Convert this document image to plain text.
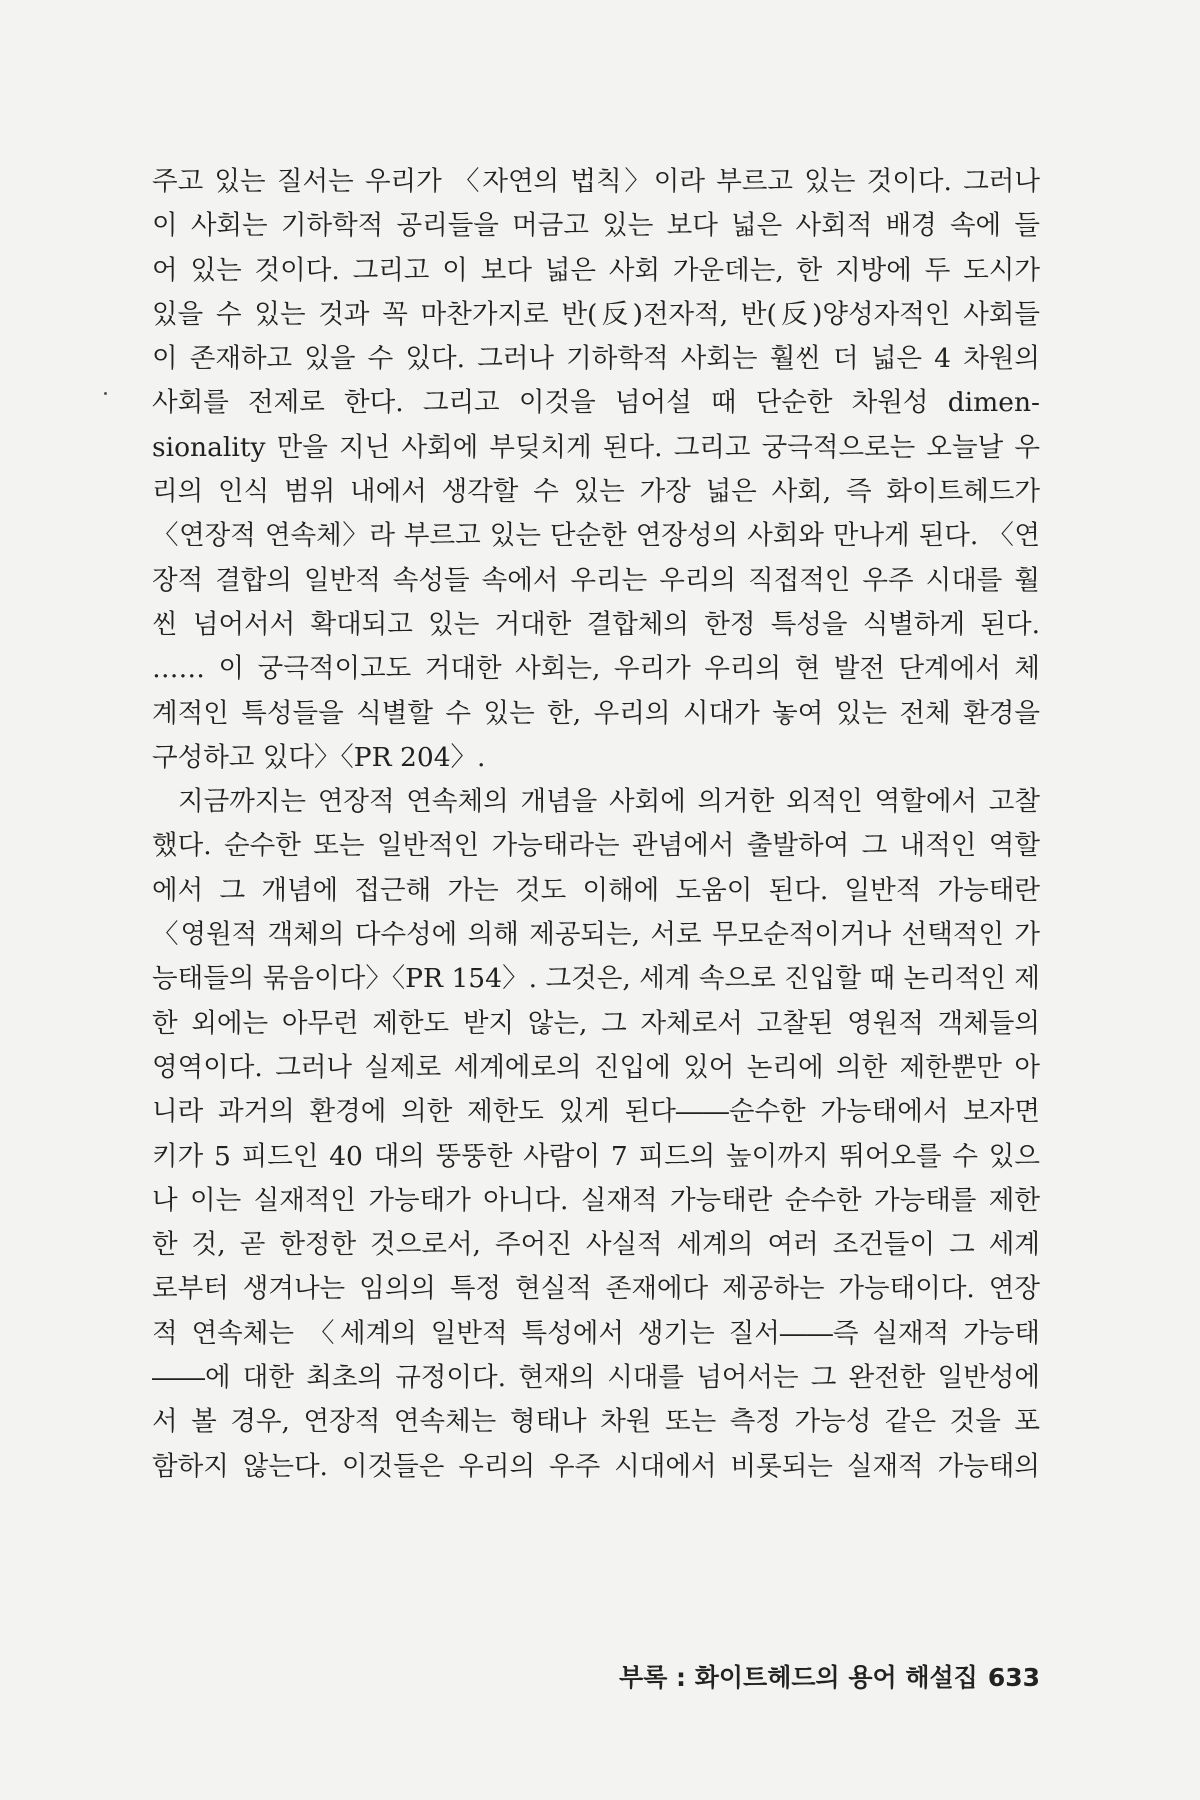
주고 있는 질서는 우리가 〈자연의 법칙〉이라 부르고 있는 것이다. 그러나
이 사회는 기하학적 공리들을 머금고 있는 보다 넓은 사회적 배경 속에 들
어 있는 것이다. 그리고 이 보다 넓은 사회 가운데는, 한 지방에 두 도시가
있을 수 있는 것과 꼭 마찬가지로 반(反)전자적, 반(反)양성자적인 사회들
이 존재하고 있을 수 있다. 그러나 기하학적 사회는 훨씬 더 넓은 4 차원의
사회를 전제로 한다. 그리고 이것을 넘어설 때 단순한 차원성 dimen-
sionality 만을 지닌 사회에 부딪치게 된다. 그리고 궁극적으로는 오늘날 우
리의 인식 범위 내에서 생각할 수 있는 가장 넓은 사회, 즉 화이트헤드가
〈연장적 연속체〉라 부르고 있는 단순한 연장성의 사회와 만나게 된다. 〈연
장적 결합의 일반적 속성들 속에서 우리는 우리의 직접적인 우주 시대를 훨
씬 넘어서서 확대되고 있는 거대한 결합체의 한정 특성을 식별하게 된다.
…… 이 궁극적이고도 거대한 사회는, 우리가 우리의 현 발전 단계에서 체
계적인 특성들을 식별할 수 있는 한, 우리의 시대가 놓여 있는 전체 환경을
구성하고 있다〉〈PR 204〉.
지금까지는 연장적 연속체의 개념을 사회에 의거한 외적인 역할에서 고찰
했다. 순수한 또는 일반적인 가능태라는 관념에서 출발하여 그 내적인 역할
에서 그 개념에 접근해 가는 것도 이해에 도움이 된다. 일반적 가능태란
〈영원적 객체의 다수성에 의해 제공되는, 서로 무모순적이거나 선택적인 가
능태들의 묶음이다〉〈PR 154〉. 그것은, 세계 속으로 진입할 때 논리적인 제
한 외에는 아무런 제한도 받지 않는, 그 자체로서 고찰된 영원적 객체들의
영역이다. 그러나 실제로 세계에로의 진입에 있어 논리에 의한 제한뿐만 아
니라 과거의 환경에 의한 제한도 있게 된다――순수한 가능태에서 보자면
키가 5 피드인 40 대의 뚱뚱한 사람이 7 피드의 높이까지 뛰어오를 수 있으
나 이는 실재적인 가능태가 아니다. 실재적 가능태란 순수한 가능태를 제한
한 것, 곧 한정한 것으로서, 주어진 사실적 세계의 여러 조건들이 그 세계
로부터 생겨나는 임의의 특정 현실적 존재에다 제공하는 가능태이다. 연장
적 연속체는 〈세계의 일반적 특성에서 생기는 질서――즉 실재적 가능태
――에 대한 최초의 규정이다. 현재의 시대를 넘어서는 그 완전한 일반성에
서 볼 경우, 연장적 연속체는 형태나 차원 또는 측정 가능성 같은 것을 포
함하지 않는다. 이것들은 우리의 우주 시대에서 비롯되는 실재적 가능태의
부록 : 화이트헤드의 용어 해설집 633
